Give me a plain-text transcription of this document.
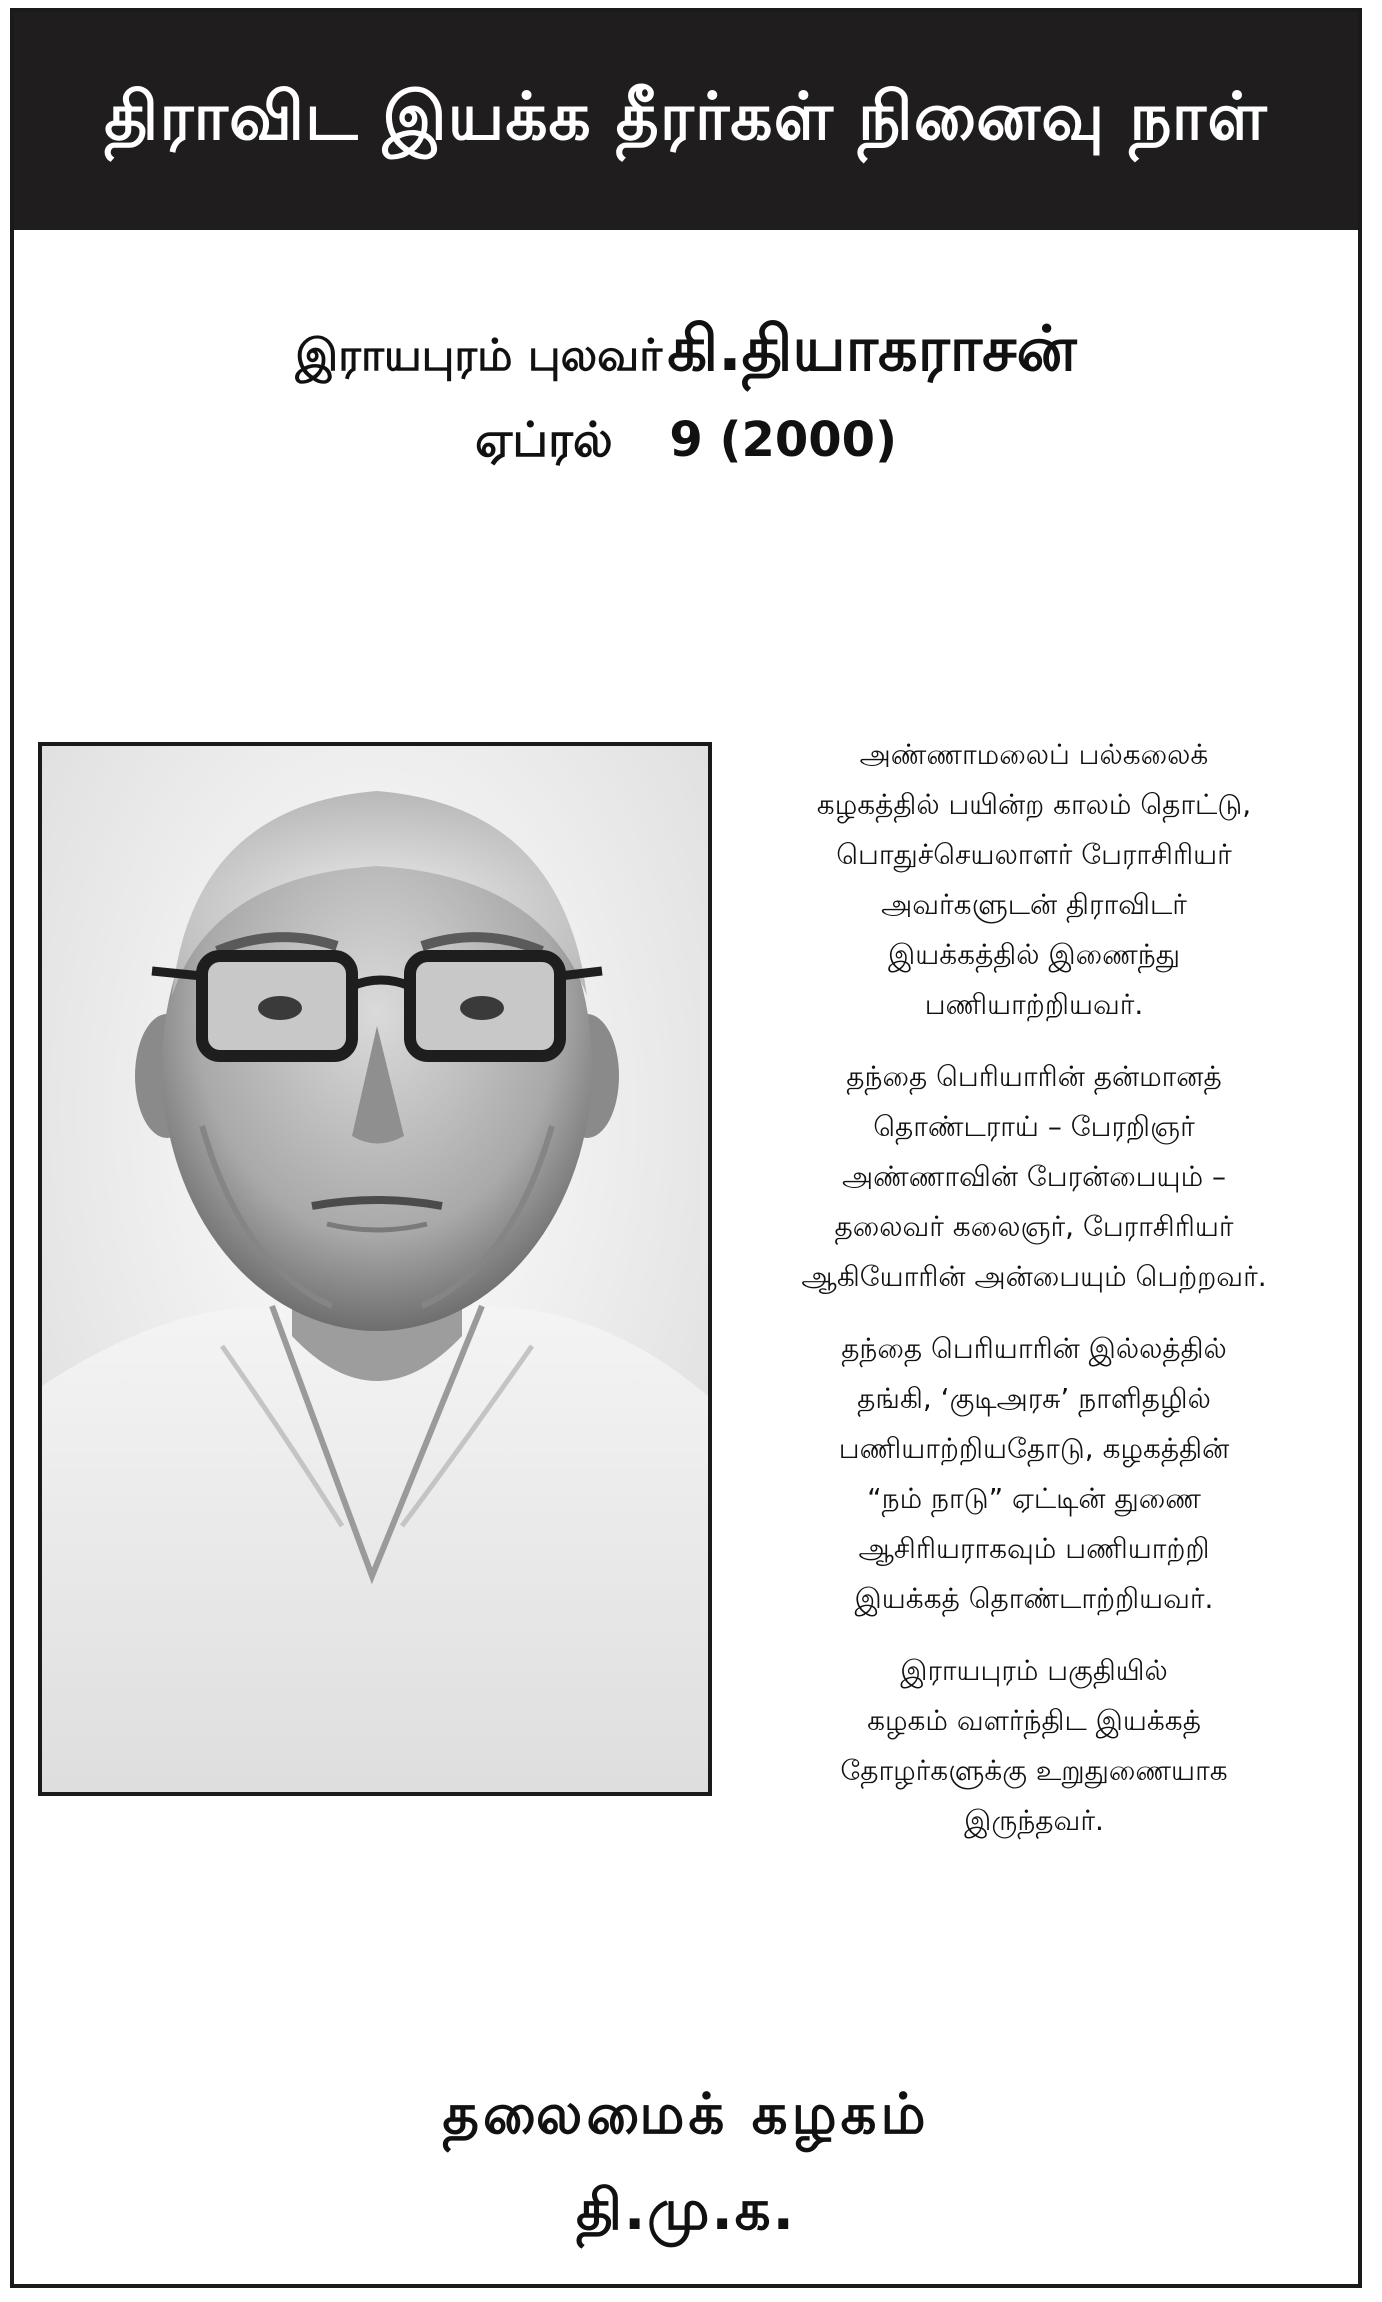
திராவிட இயக்க தீரர்கள் நினைவு நாள்
இராயபுரம் புலவர் கி.தியாகராசன்
ஏப்ரல் 9 (2000)

அண்ணாமலைப் பல்கலைக்
கழகத்தில் பயின்ற காலம் தொட்டு,
பொதுச்செயலாளர் பேராசிரியர்
அவர்களுடன் திராவிடர்
இயக்கத்தில் இணைந்து
பணியாற்றியவர்.

தந்தை பெரியாரின் தன்மானத்
தொண்டராய் – பேரறிஞர்
அண்ணாவின் பேரன்பையும் –
தலைவர் கலைஞர், பேராசிரியர்
ஆகியோரின் அன்பையும் பெற்றவர்.

தந்தை பெரியாரின் இல்லத்தில்
தங்கி, ‘குடிஅரசு’ நாளிதழில்
பணியாற்றியதோடு, கழகத்தின்
“நம் நாடு” ஏட்டின் துணை
ஆசிரியராகவும் பணியாற்றி
இயக்கத் தொண்டாற்றியவர்.

இராயபுரம் பகுதியில்
கழகம் வளர்ந்திட இயக்கத்
தோழர்களுக்கு உறுதுணையாக
இருந்தவர்.

தலைமைக் கழகம்
தி.மு.க.
